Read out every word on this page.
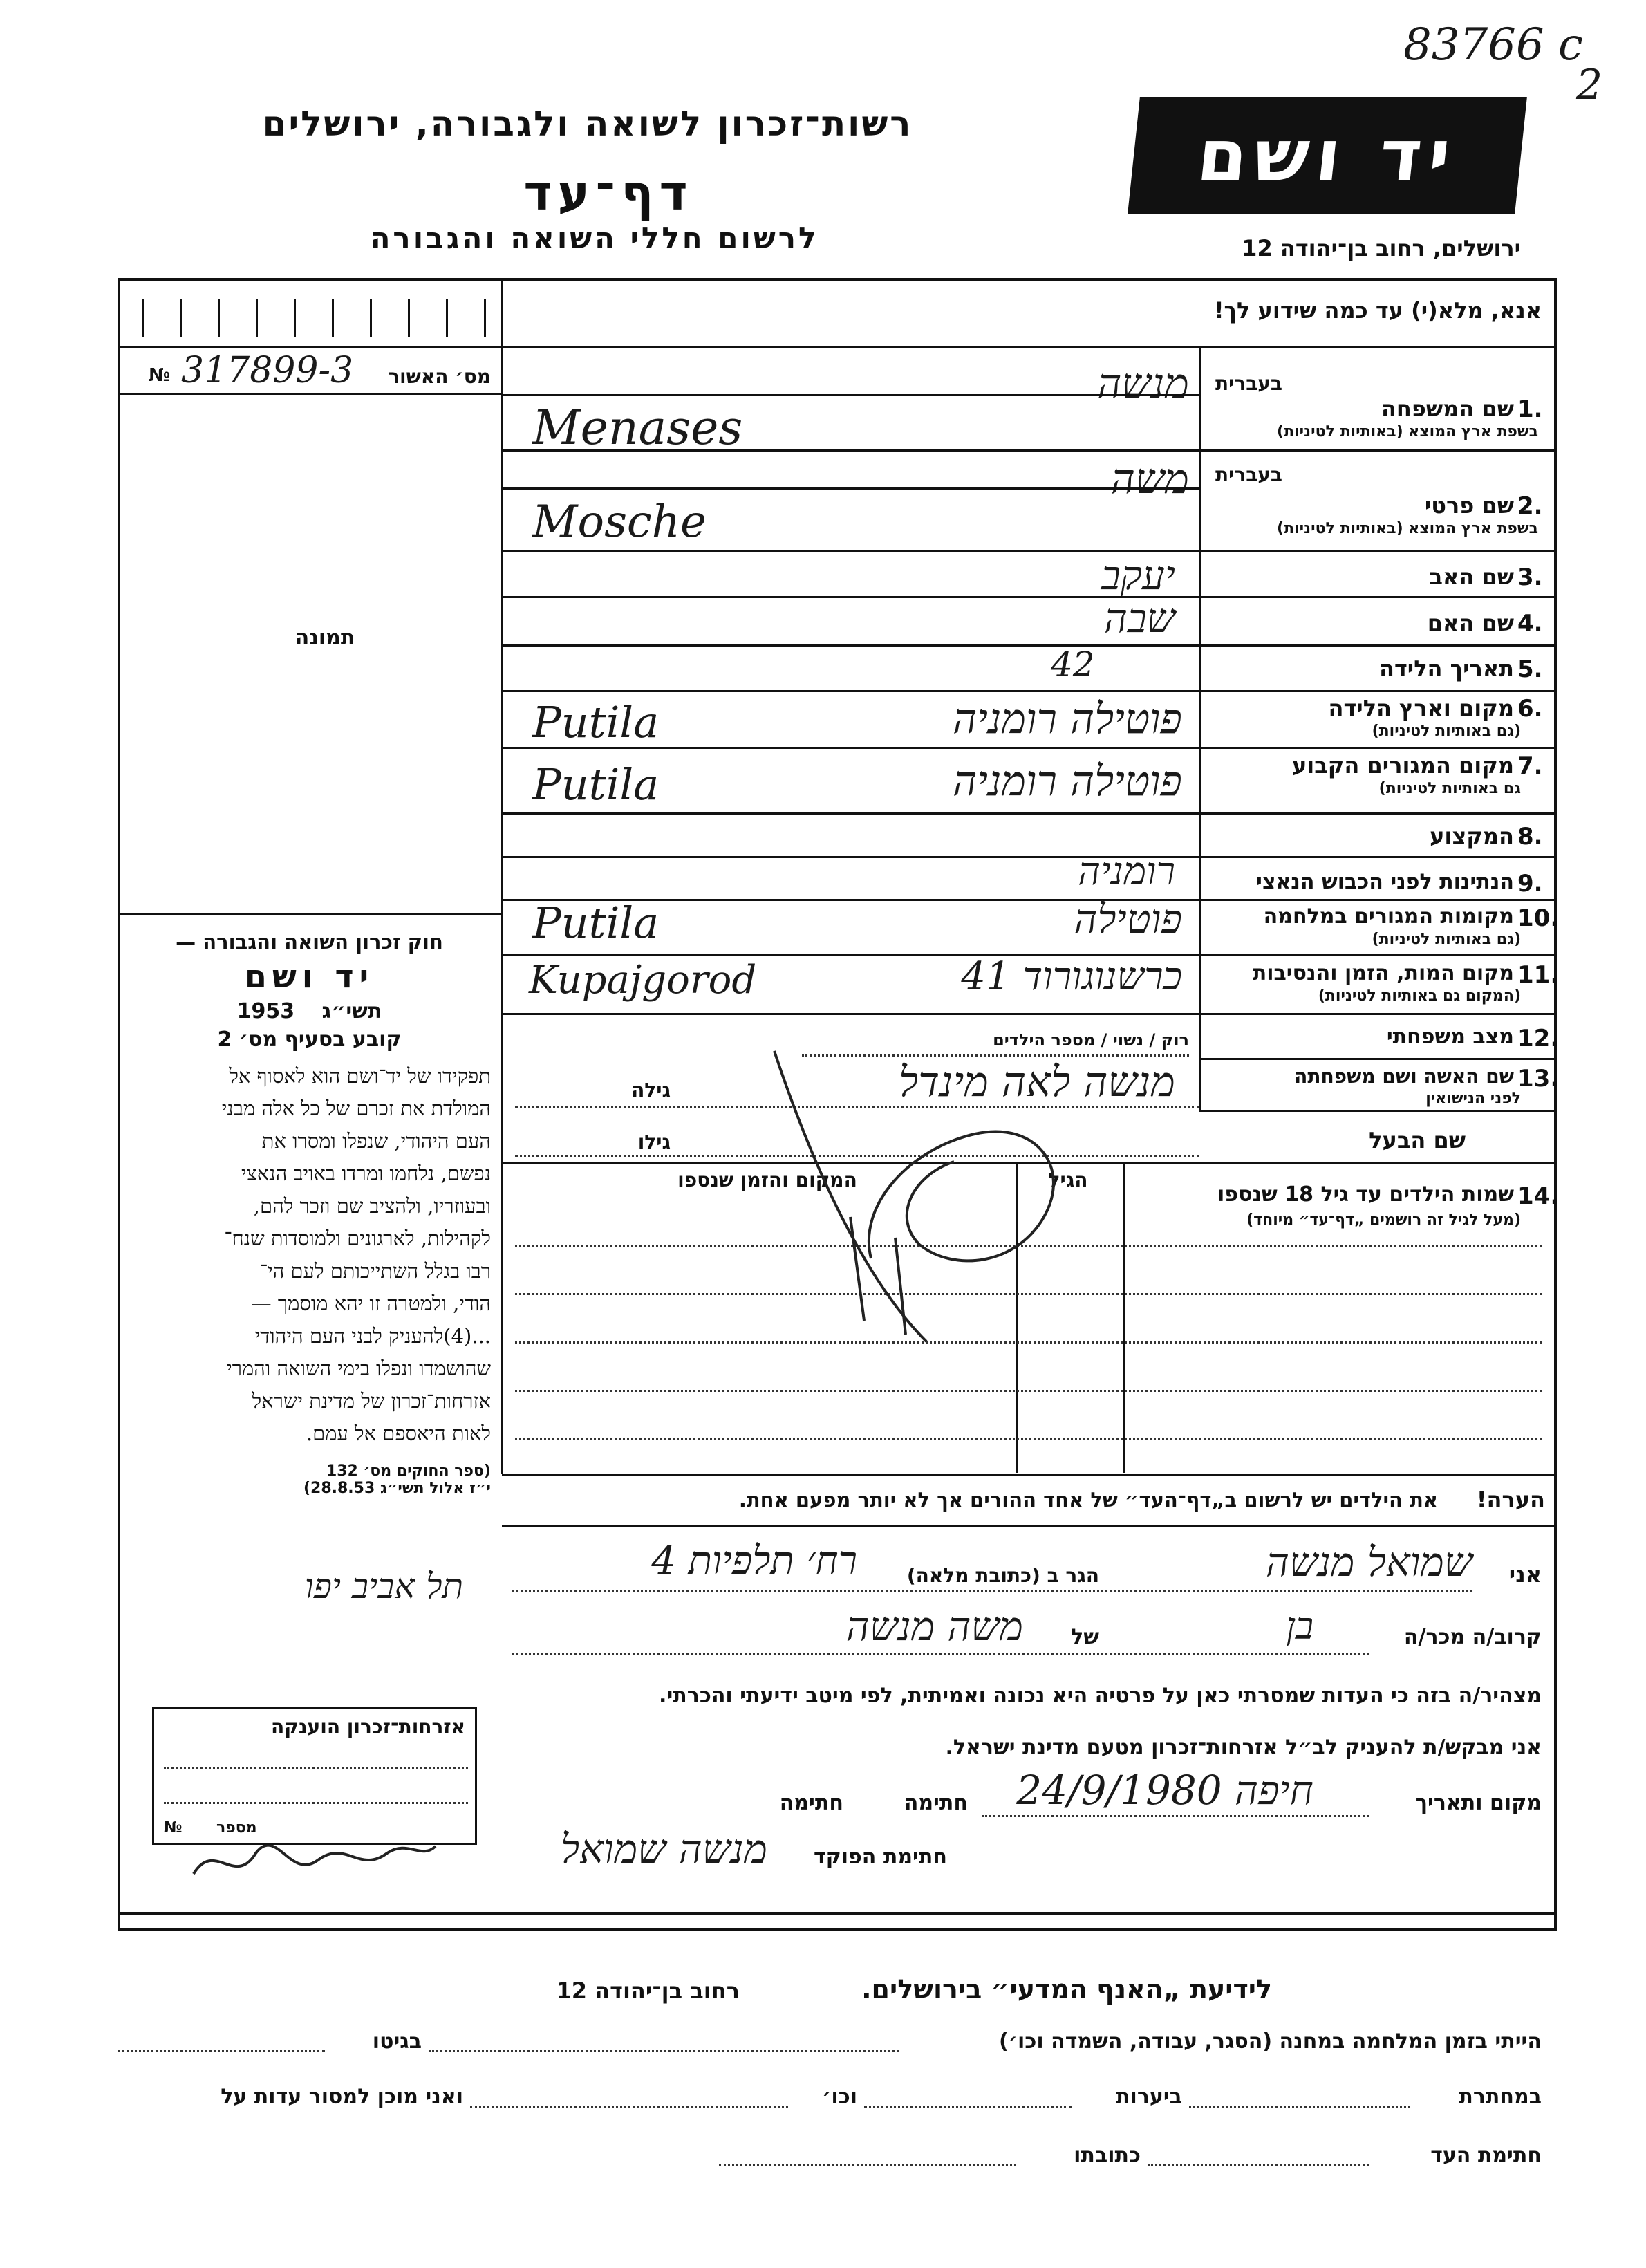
83766 ⅽ
2
רשות־זכרון לשואה ולגבורה, ירושלים
דף־עד
לרשום חללי השואה והגבורה
יד ושם
ירושלים, רחוב בן־יהודה 12
№ 317899-3	מס׳ האשור
תמונה
חוק זכרון השואה והגבורה —
יד ושם
תשי״ג 1953
קובע בסעיף מס׳ 2

תפקידו של יד־ושם הוא לאסוף אל

המולדת את זכרם של כל אלה מבני

העם היהודי, שנפלו ומסרו את

נפשם, נלחמו ומרדו באויב הנאצי

ובעוזריו, ולהציב שם וזכר להם,

לקהילות, לארגונים ולמוסדות שנח־

רבו בגלל השתייכותם לעם הי־

הודי, ולמטרה זו יהא מוסמך —

...(4)להעניק לבני העם היהודי

שהושמדו ונפלו בימי השואה והמרי

אזרחות־זכרון של מדינת ישראל

לאות היאספם אל עמם.

(ספר החוקים מס׳ 132
י״ז אלול תשי״ג 28.8.53)
אנא, מלא(י) עד כמה שידוע לך!
בעברית
1.
שם המשפחה
בשפת ארץ המוצא (באותיות לטיניות)
מנשה
Menases
בעברית
2.
שם פרטי
בשפת ארץ המוצא (באותיות לטיניות)
משה
Mosche
3.
שם האב
יעקב
4.
שם האם
שבה
5.
תאריך הלידה
42
6.
מקום וארץ הלידה
(גם באותיות לטיניות)
פוטילה רומניה
Putila
7.
מקום המגורים הקבוע
גם באותיות לטיניות)
פוטילה רומניה
Putila
8.
המקצוע
9.
הנתינות לפני הכבוש הנאצי
רומניה
10.
מקומות המגורים במלחמה
(גם באותיות לטיניות)
פוטילה
Putila
11.
מקום המות, הזמן והנסיבות
(המקום גם באותיות לטיניות)
כרשנוגורוד 41
Kupajgorod
12.
מצב משפחתי
רוק / נשוי / מספר הילדים
13.
שם האשה ושם משפחתה
לפני הנישואין
גילה	מנשה לאה מינדל
שם הבעל
גילו
14.
שמות הילדים עד גיל 18 שנספו
(מעל לגיל זה רושמים „דף־עד״ מיוחד)
הגיל
המקום והזמן שנספו
הערה!
את הילדים יש לרשום ב„דף־העד״ של אחד ההורים אך לא יותר מפעם אחת.
אני
שמואל מנשה
הגר ב (כתובת מלאה)
רח׳ תלפיות 4
תל אביב יפו
קרוב/ה מכר/ה
בן
של
משה מנשה
מצהיר/ה בזה כי העדות שמסרתי כאן על פרטיה היא נכונה ואמיתית, לפי מיטב ידיעתי והכרתי.
אני מבקש/ת להעניק לב״ל אזרחות־זכרון מטעם מדינת ישראל.
מקום ותאריך
חיפה 24/9/1980
חתימה
חתימה
חתימת הפוקד
מנשה שמואל
אזרחות־זכרון הוענקה
№ מספר
לידיעת „האנף המדעי״ בירושלים.
רחוב בן־יהודה 12
הייתי בזמן המלחמה במחנה (הסגר, עבודה, השמדה וכו׳)
בגיטו
במחתרת
ביערות
וכו׳
ואני מוכן למסור עדות על
חתימת העד
כתובתו
